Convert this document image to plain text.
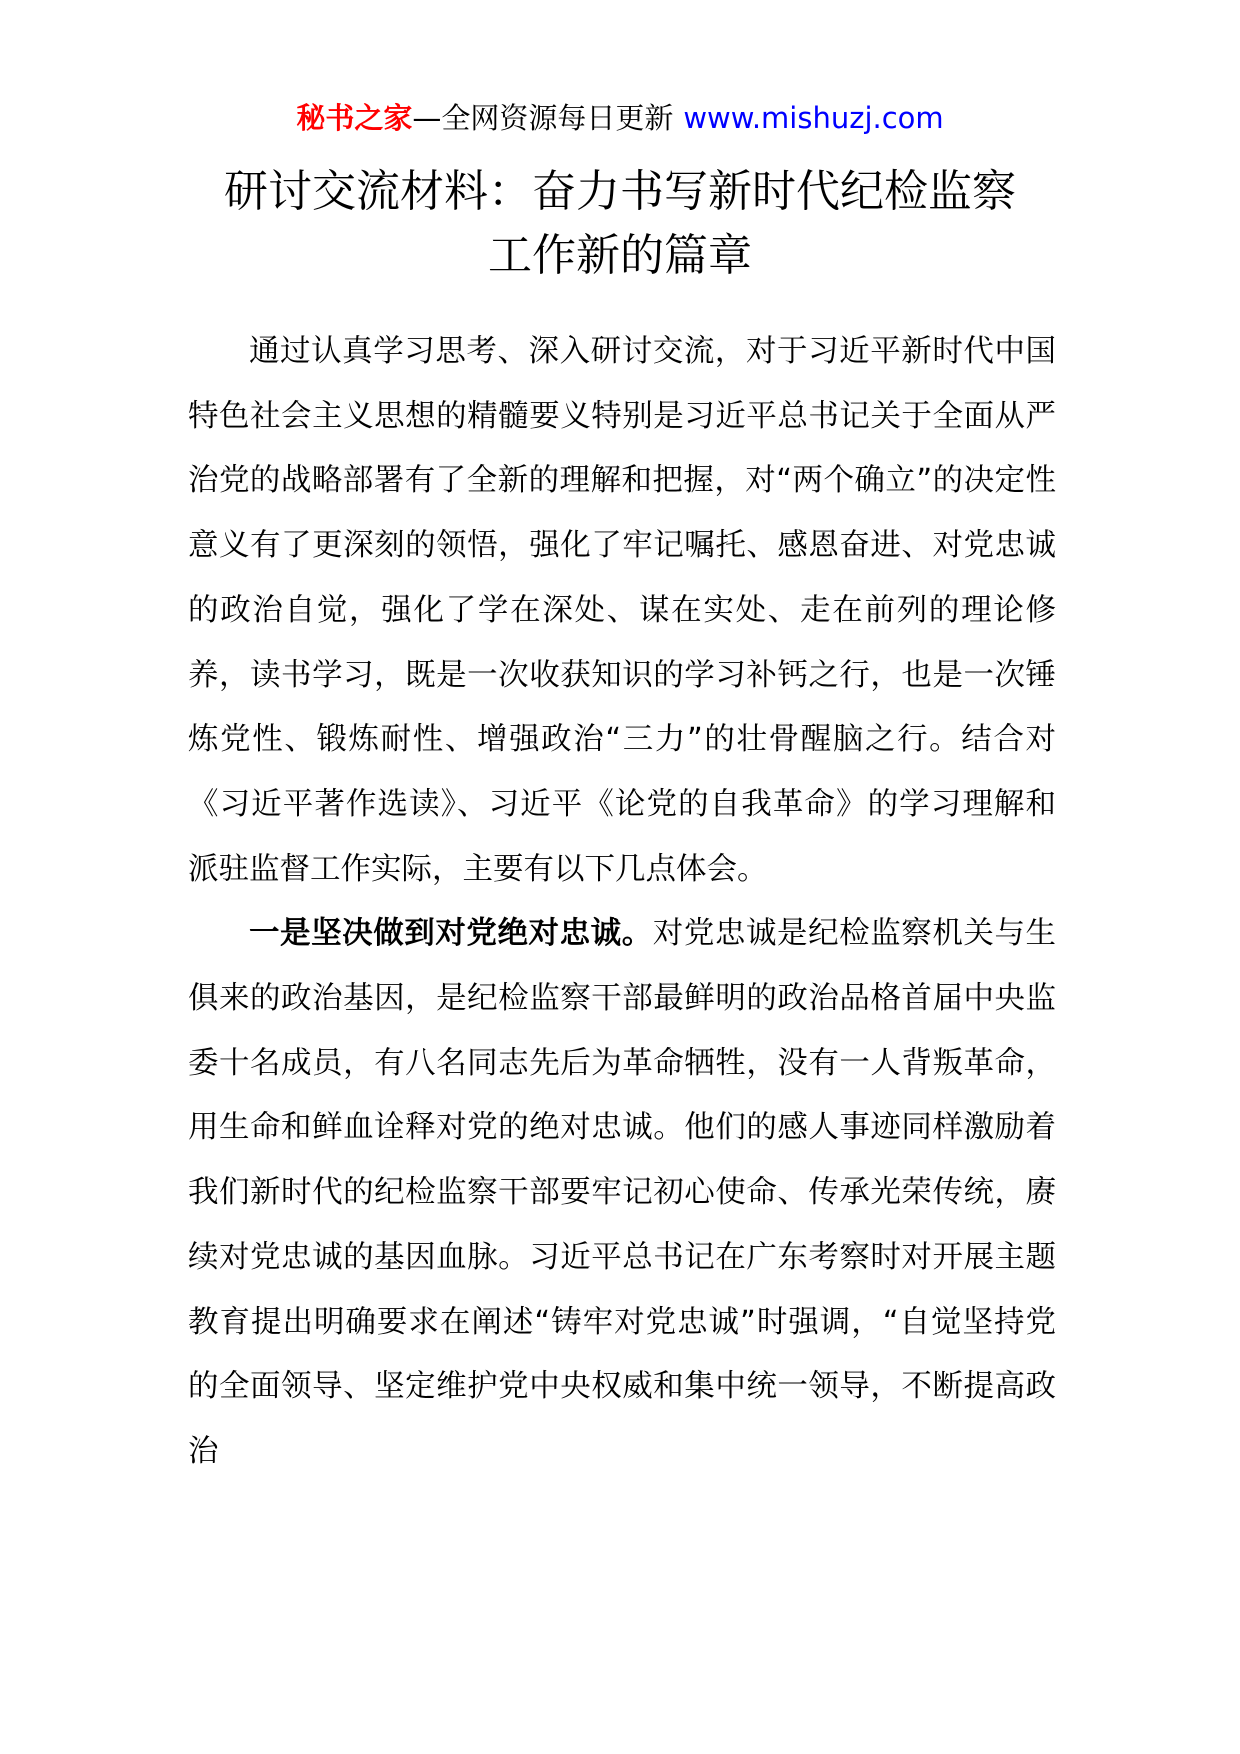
秘书之家—全网资源每日更新 www.mishuzj.com
研讨交流材料：奋力书写新时代纪检监察
工作新的篇章

通过认真学习思考、深入研讨交流，对于习近平新时代中国特色社会主义思想的精髓要义特别是习近平总书记关于全面从严治党的战略部署有了全新的理解和把握，对“两个确立”的决定性意义有了更深刻的领悟，强化了牢记嘱托、感恩奋进、对党忠诚的政治自觉，强化了学在深处、谋在实处、走在前列的理论修养，读书学习，既是一次收获知识的学习补钙之行，也是一次锤炼党性、锻炼耐性、增强政治“三力”的壮骨醒脑之行。结合对《习近平著作选读》、习近平《论党的自我革命》的学习理解和派驻监督工作实际，主要有以下几点体会。

一是坚决做到对党绝对忠诚。对党忠诚是纪检监察机关与生俱来的政治基因，是纪检监察干部最鲜明的政治品格首届中央监委十名成员，有八名同志先后为革命牺牲，没有一人背叛革命，用生命和鲜血诠释对党的绝对忠诚。他们的感人事迹同样激励着我们新时代的纪检监察干部要牢记初心使命、传承光荣传统，赓续对党忠诚的基因血脉。习近平总书记在广东考察时对开展主题教育提出明确要求在阐述“铸牢对党忠诚”时强调，“自觉坚持党的全面领导、坚定维护党中央权威和集中统一领导，不断提高政治
